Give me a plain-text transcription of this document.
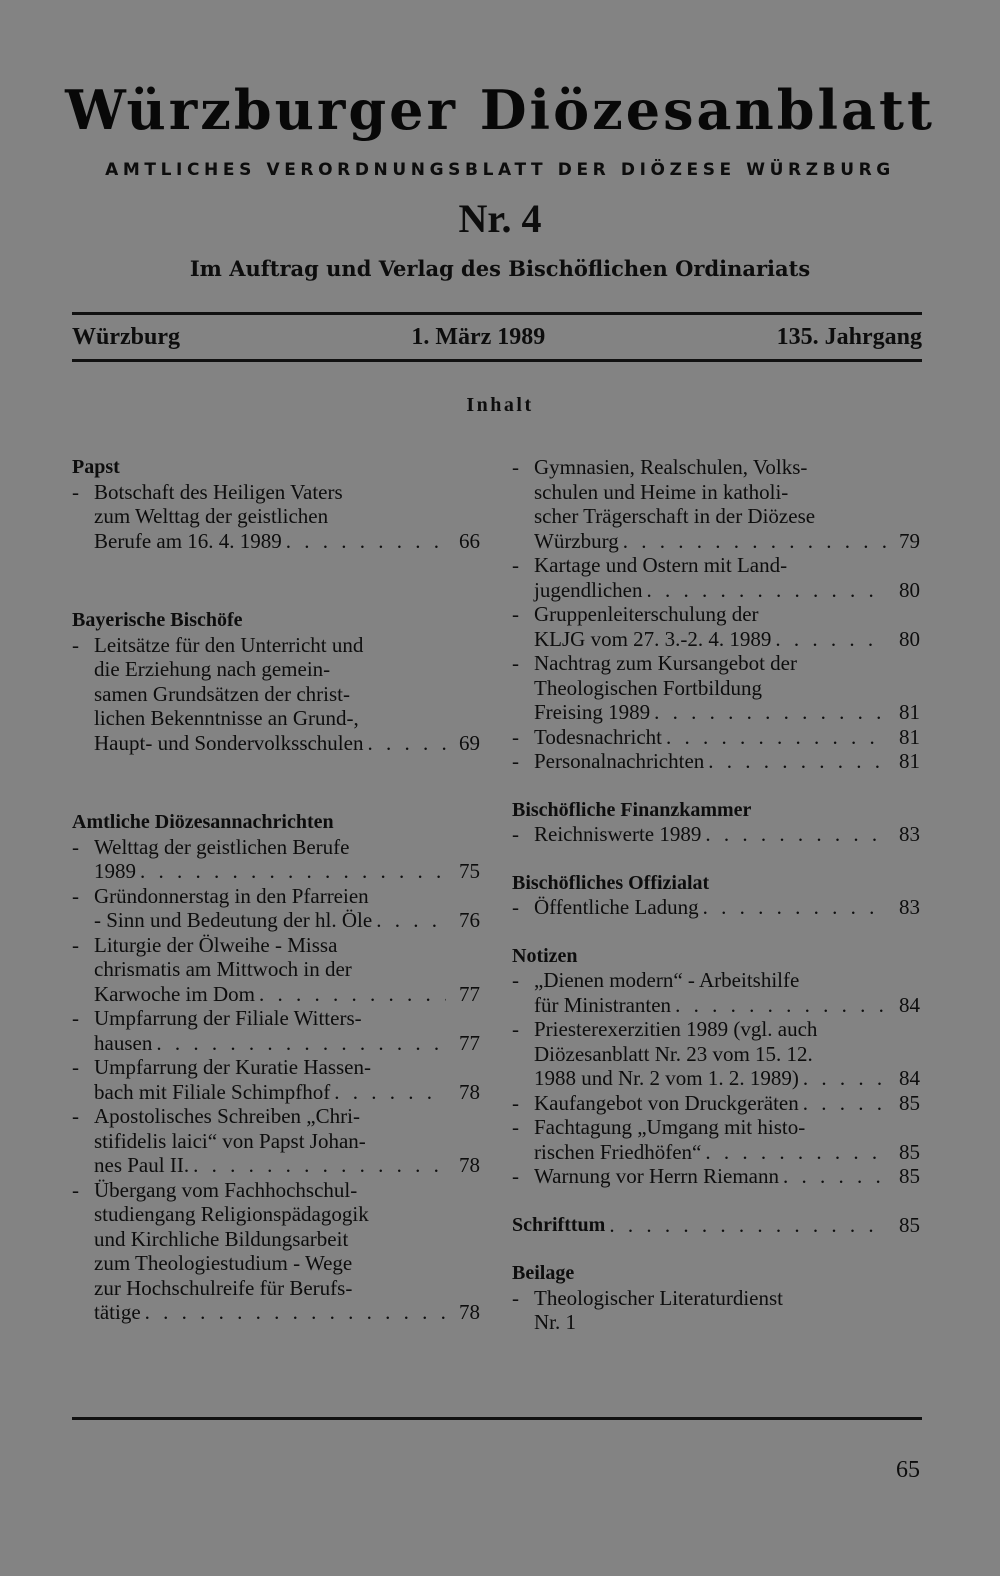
Würzburger Diözesanblatt
AMTLICHES VERORDNUNGSBLATT DER DIÖZESE WÜRZBURG
Nr. 4
Im Auftrag und Verlag des Bischöflichen Ordinariats
Würzburg	1. März 1989	135. Jahrgang
Inhalt
Papst
- Botschaft des Heiligen Vaters
zum Welttag der geistlichen
Berufe am 16. 4. 1989 . . .	66
Bayerische Bischöfe
- Leitsätze für den Unterricht und
die Erziehung nach gemein-
samen Grundsätzen der christ-
lichen Bekenntnisse an Grund-,
Haupt- und Sondervolksschulen . . .	69
Amtliche Diözesannachrichten
- Welttag der geistlichen Berufe
1989 . . .	75
- Gründonnerstag in den Pfarreien
- Sinn und Bedeutung der hl. Öle . . .	76
- Liturgie der Ölweihe - Missa
chrismatis am Mittwoch in der
Karwoche im Dom . . .	77
- Umpfarrung der Filiale Witters-
hausen . . .	77
- Umpfarrung der Kuratie Hassen-
bach mit Filiale Schimpfhof . . .	78
- Apostolisches Schreiben „Chri-
stifidelis laici“ von Papst Johan-
nes Paul II. . . .	78
- Übergang vom Fachhochschul-
studiengang Religionspädagogik
und Kirchliche Bildungsarbeit
zum Theologiestudium - Wege
zur Hochschulreife für Berufs-
tätige . . .	78
- Gymnasien, Realschulen, Volks-
schulen und Heime in katholi-
scher Trägerschaft in der Diözese
Würzburg . . .	79
- Kartage und Ostern mit Land-
jugendlichen . . .	80
- Gruppenleiterschulung der
KLJG vom 27. 3.-2. 4. 1989 . . .	80
- Nachtrag zum Kursangebot der
Theologischen Fortbildung
Freising 1989 . . .	81
- Todesnachricht . . .	81
- Personalnachrichten . . .	81
Bischöfliche Finanzkammer
- Reichniswerte 1989 . . .	83
Bischöfliches Offizialat
- Öffentliche Ladung . . .	83
Notizen
- „Dienen modern“ - Arbeitshilfe
für Ministranten . . .	84
- Priesterexerzitien 1989 (vgl. auch
Diözesanblatt Nr. 23 vom 15. 12.
1988 und Nr. 2 vom 1. 2. 1989) . . .	84
- Kaufangebot von Druckgeräten . . .	85
- Fachtagung „Umgang mit histo-
rischen Friedhöfen“ . . .	85
- Warnung vor Herrn Riemann . . .	85
Schrifttum . . .	85
Beilage
- Theologischer Literaturdienst
Nr. 1
65
